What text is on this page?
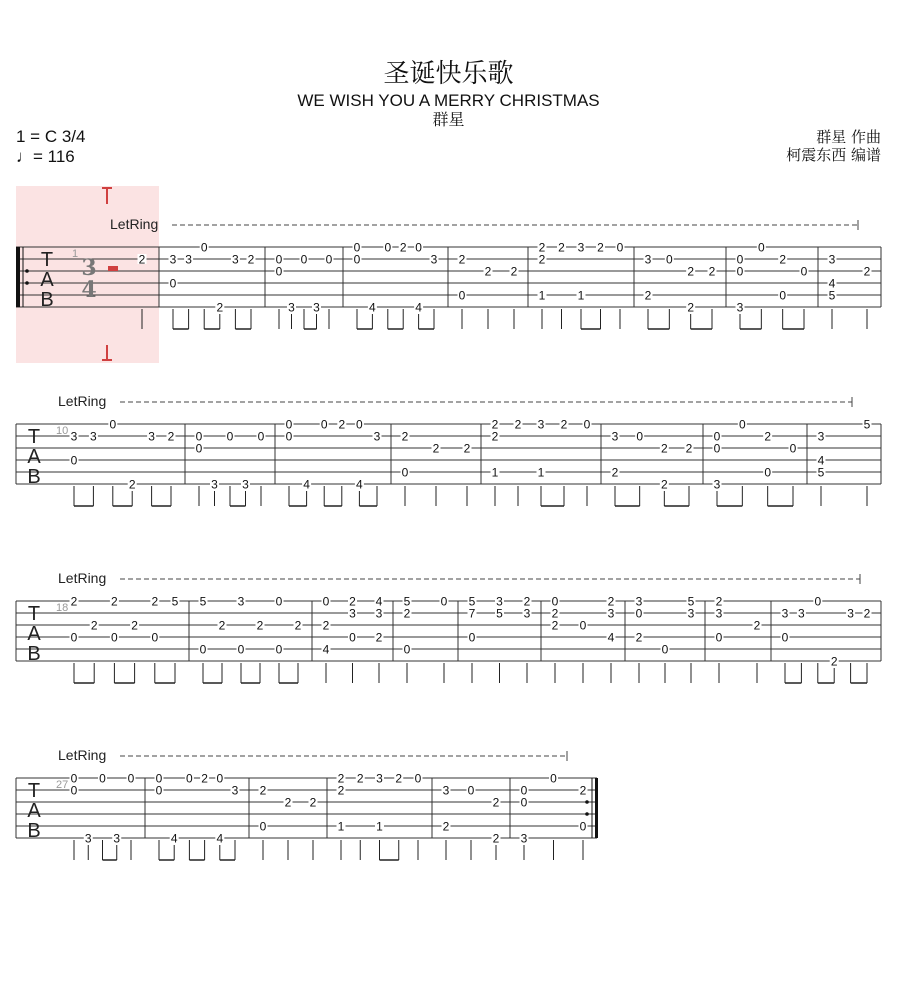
圣诞快乐歌
WE WISH YOU A MERRY CHRISTMAS
群星
1 = C 3/4
♩= 116
群星 作曲
柯震东西 编谱
T
A
B
1
3
4
LetRing
2 3
0
3
0
2
3 2 0
0
3
0
3
0
0
0
4
0 2 0
4
3 2
0
2 2
2
2
1
2 3
1
2 0
3
2
0
2
2
2
0
0
3
0
2
0
0
3
4
5
2
T
A
B
10
LetRing
3
0
3
0
2
3 2 0
0
3
0
3
0
0
0
4
0 2 0
4
3 2
0
2 2
2
2
1
2 3
1
2 0
3
2
0
2
2
2
0
0
3
0
2
0
0
3
4
5
5
T
A
B
18
LetRing
2
0
2
2
0
2
2
0
5 5
0
2
3
0
2
0
0
2
0
2
4
2
3
0
4
3
2
5
2
0
0 5
7
0
3
5
2
3
0
2
2 0
2
3
4
3
0
2
0
5
3
2
3
0
2
3
0
3
0
2
3 2
T
A
B
27
LetRing
0
0
3
0
3
0 0
0
4
0 2 0
4
3 2
0
2 2
2
2
1
2 3
1
2 0
3
2
0
2
2
0
0
3
0
2
0
